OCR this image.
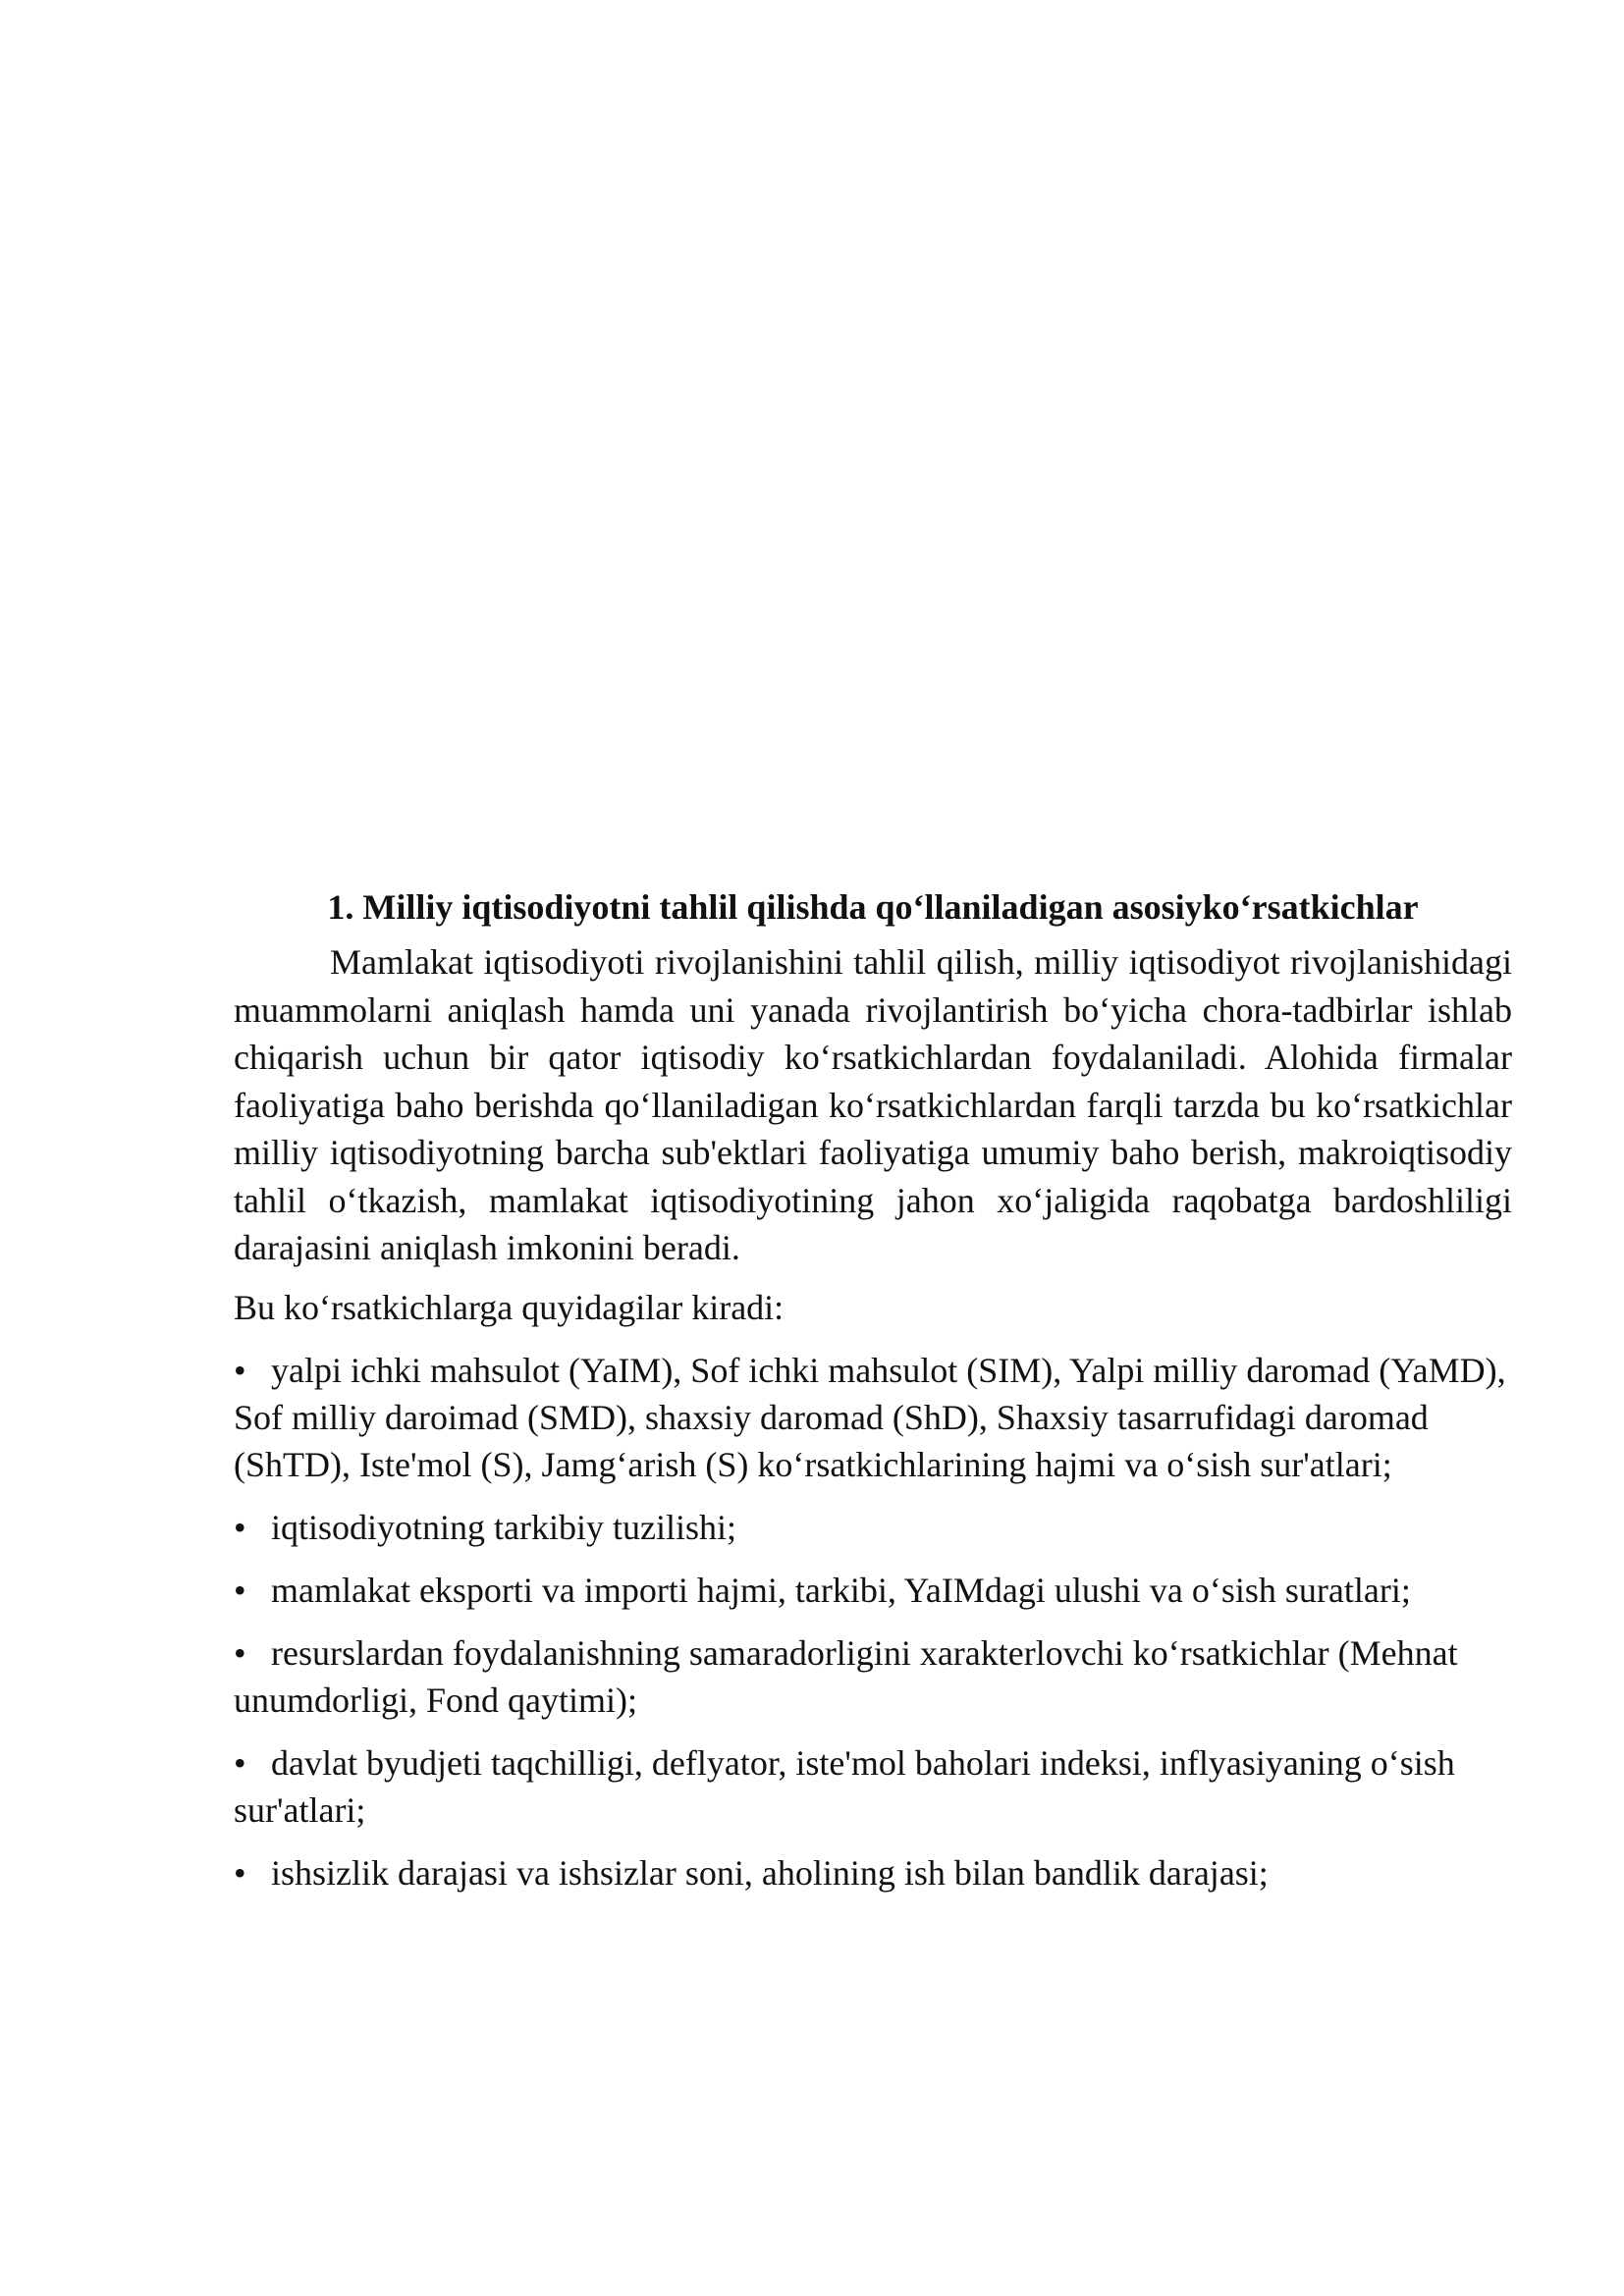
1. Milliy iqtisodiyotni tahlil qilishda qo‘llaniladigan asosiyko‘rsatkichlar

Mamlakat iqtisodiyoti rivojlanishini tahlil qilish, milliy iqtisodiyot rivojlanishidagi muammolarni aniqlash hamda uni yanada rivojlantirish bo‘yicha chora-tadbirlar ishlab chiqarish uchun bir qator iqtisodiy ko‘rsatkichlardan foydalaniladi. Alohida firmalar faoliyatiga baho berishda qo‘llaniladigan ko‘rsatkichlardan farqli tarzda bu ko‘rsatkichlar milliy iqtisodiyotning barcha sub'ektlari faoliyatiga umumiy baho berish, makroiqtisodiy tahlil o‘tkazish, mamlakat iqtisodiyotining jahon xo‘jaligida raqobatga bardoshliligi darajasini aniqlash imkonini beradi.

Bu ko‘rsatkichlarga quyidagilar kiradi:

• yalpi ichki mahsulot (YaIM), Sof ichki mahsulot (SIM), Yalpi milliy daromad (YaMD), Sof milliy daroimad (SMD), shaxsiy daromad (ShD), Shaxsiy tasarrufidagi daromad (ShTD), Iste'mol (S), Jamg‘arish (S) ko‘rsatkichlarining hajmi va o‘sish sur'atlari;
• iqtisodiyotning tarkibiy tuzilishi;
• mamlakat eksporti va importi hajmi, tarkibi, YaIMdagi ulushi va o‘sish suratlari;
• resurslardan foydalanishning samaradorligini xarakterlovchi ko‘rsatkichlar (Mehnat unumdorligi, Fond qaytimi);
• davlat byudjeti taqchilligi, deflyator, iste'mol baholari indeksi, inflyasiyaning o‘sish sur'atlari;
• ishsizlik darajasi va ishsizlar soni, aholining ish bilan bandlik darajasi;
